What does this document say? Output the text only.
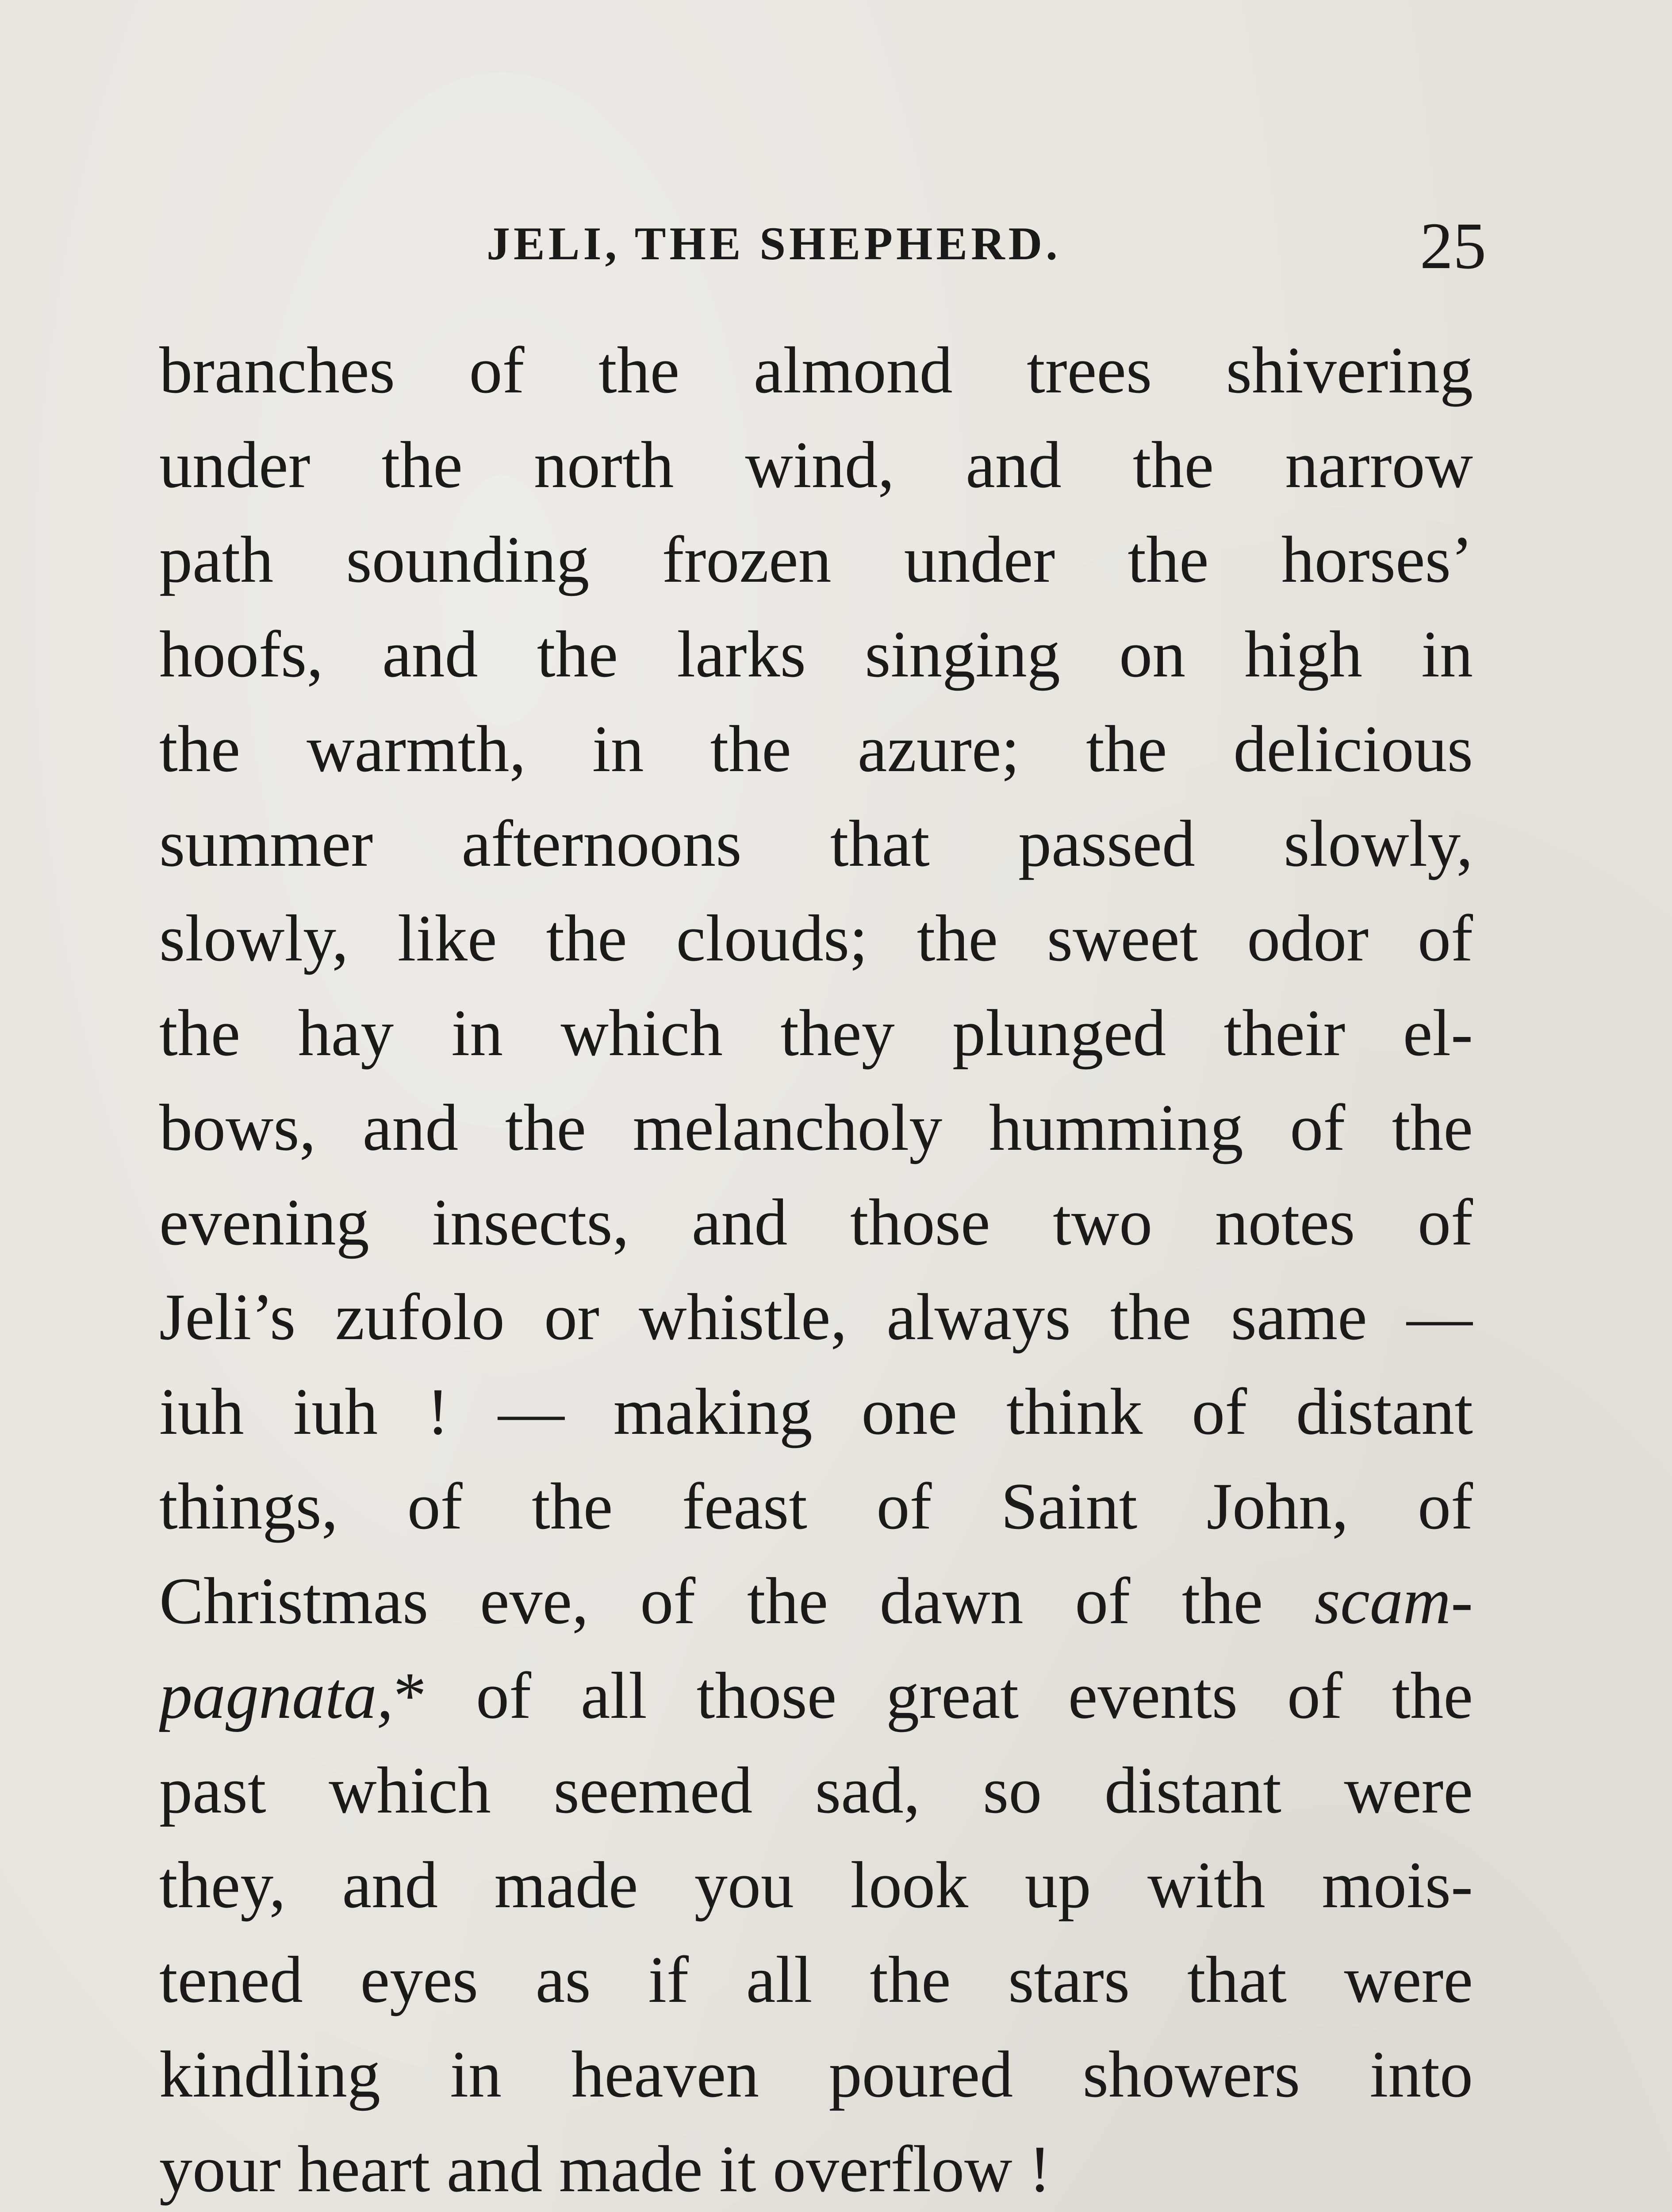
JELI, THE SHEPHERD.	25
branches of the almond trees shivering
under the north wind, and the narrow
path sounding frozen under the horses’
hoofs, and the larks singing on high in
the warmth, in the azure; the delicious
summer afternoons that passed slowly,
slowly, like the clouds; the sweet odor of
the hay in which they plunged their el-
bows, and the melancholy humming of the
evening insects, and those two notes of
Jeli’s zufolo or whistle, always the same —
iuh iuh ! — making one think of distant
things, of the feast of Saint John, of
Christmas eve, of the dawn of the scam-
pagnata,* of all those great events of the
past which seemed sad, so distant were
they, and made you look up with mois-
tened eyes as if all the stars that were
kindling in heaven poured showers into
your heart and made it overflow !
